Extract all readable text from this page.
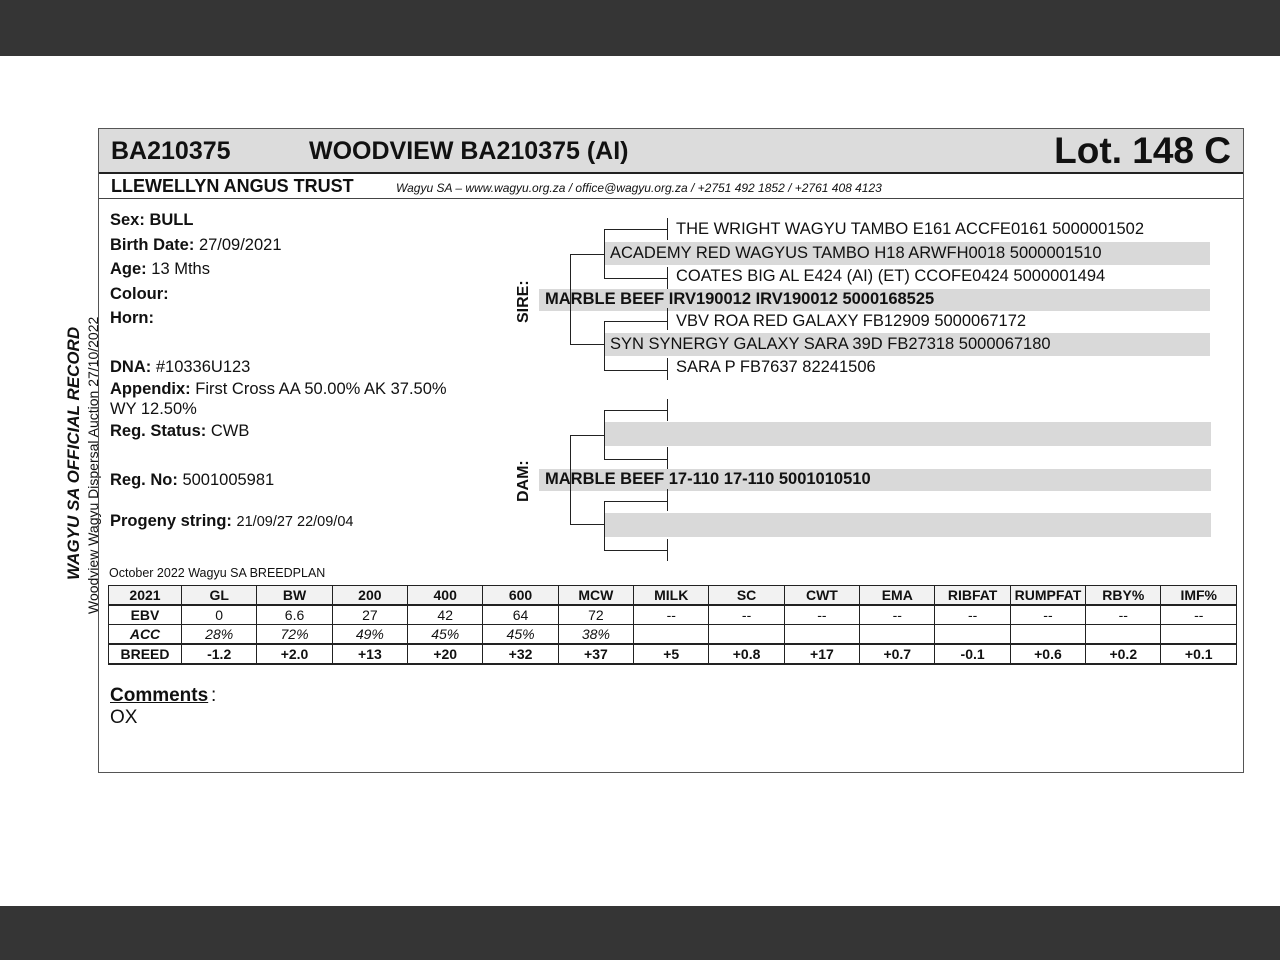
WAGYU SA OFFICIAL RECORD Woodview Wagyu Dispersal Auction 27/10/2022
BA210375	WOODVIEW BA210375 (AI)	Lot. 148 C
LLEWELLYN ANGUS TRUST	Wagyu SA – www.wagyu.org.za / office@wagyu.org.za / +2751 492 1852 / +2761 408 4123
Sex: BULL
Birth Date: 27/09/2021
Age: 13 Mths
Colour:
Horn:
DNA: #10336U123
Appendix: First Cross AA 50.00% AK 37.50%
WY 12.50%
Reg. Status: CWB
Reg. No: 5001005981
Progeny string: 21/09/27 22/09/04
THE WRIGHT WAGYU TAMBO E161 ACCFE0161 5000001502
ACADEMY RED WAGYUS TAMBO H18 ARWFH0018 5000001510
COATES BIG AL E424 (AI) (ET) CCOFE0424 5000001494
MARBLE BEEF IRV190012 IRV190012 5000168525
VBV ROA RED GALAXY FB12909 5000067172
SYN SYNERGY GALAXY SARA 39D FB27318 5000067180
SARA P FB7637 82241506
MARBLE BEEF 17-110 17-110 5001010510
SIRE:
DAM:
October 2022 Wagyu SA BREEDPLAN
2021	GL	BW	200	400	600	MCW	MILK	SC	CWT	EMA	RIBFAT	RUMPFAT	RBY%	IMF%
EBV	0	6.6	27	42	64	72	--	--	--	--	--	--	--	--
ACC	28%	72%	49%	45%	45%	38%								
BREED	-1.2	+2.0	+13	+20	+32	+37	+5	+0.8	+17	+0.7	-0.1	+0.6	+0.2	+0.1
Comments :
OX
